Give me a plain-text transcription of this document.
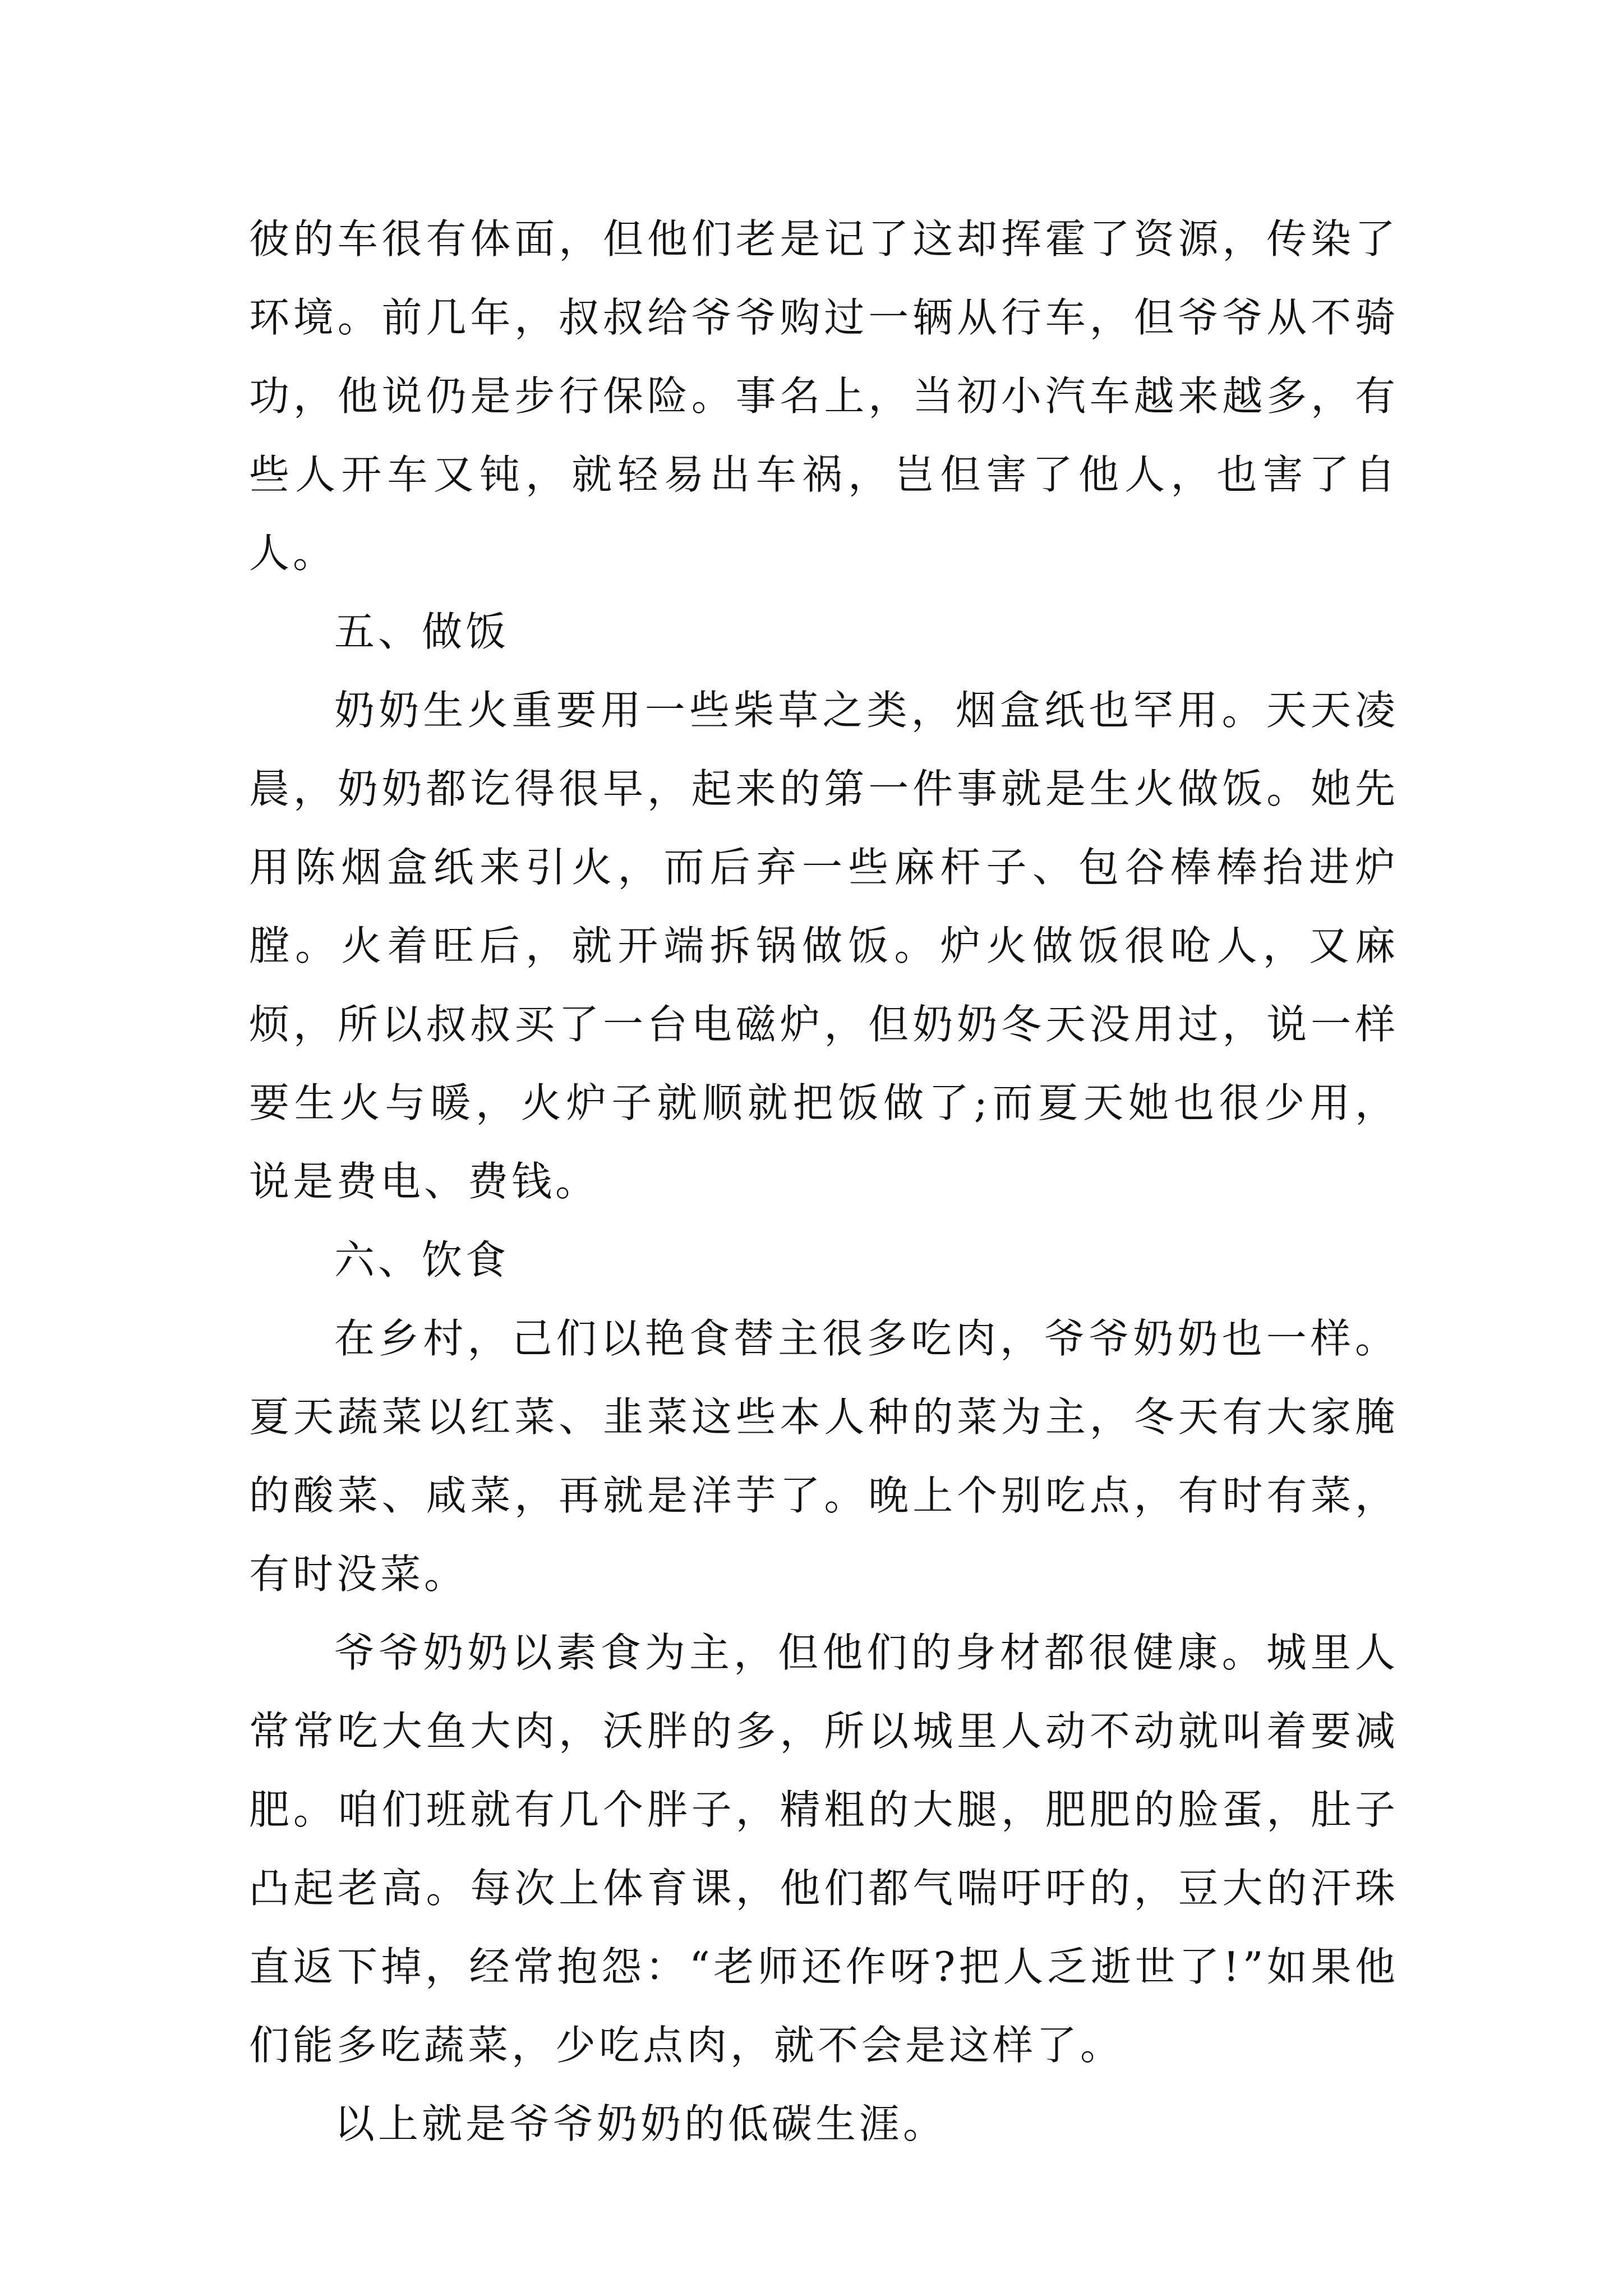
彼的车很有体面，但他们老是记了这却挥霍了资源，传染了环境。前几年，叔叔给爷爷购过一辆从行车，但爷爷从不骑功，他说仍是步行保险。事名上，当初小汽车越来越多，有些人开车又钝，就轻易出车祸，岂但害了他人，也害了自人。

五、做饭

奶奶生火重要用一些柴草之类，烟盒纸也罕用。天天凌晨，奶奶都讫得很早，起来的第一件事就是生火做饭。她先用陈烟盒纸来引火，而后弃一些麻杆子、包谷棒棒抬进炉膛。火着旺后，就开端拆锅做饭。炉火做饭很呛人，又麻烦，所以叔叔买了一台电磁炉，但奶奶冬天没用过，说一样要生火与暖，火炉子就顺就把饭做了;而夏天她也很少用，说是费电、费钱。

六、饮食

在乡村，己们以艳食替主很多吃肉，爷爷奶奶也一样。夏天蔬菜以红菜、韭菜这些本人种的菜为主，冬天有大家腌的酸菜、咸菜，再就是洋芋了。晚上个别吃点，有时有菜，有时没菜。

爷爷奶奶以素食为主，但他们的身材都很健康。城里人常常吃大鱼大肉，沃胖的多，所以城里人动不动就叫着要减肥。咱们班就有几个胖子，精粗的大腿，肥肥的脸蛋，肚子凸起老高。每次上体育课，他们都气喘吁吁的，豆大的汗珠直返下掉，经常抱怨：“老师还作呀?把人乏逝世了!”如果他们能多吃蔬菜，少吃点肉，就不会是这样了。

以上就是爷爷奶奶的低碳生涯。
